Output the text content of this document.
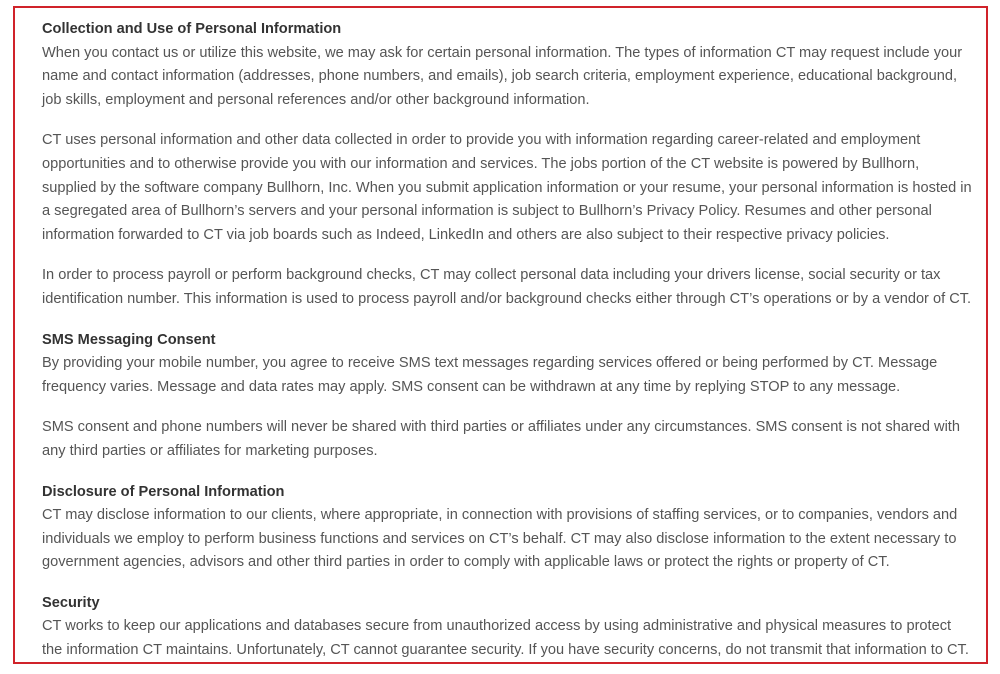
Collection and Use of Personal Information

When you contact us or utilize this website, we may ask for certain personal information. The types of information CT may request include your name and contact information (addresses, phone numbers, and emails), job search criteria, employment experience, educational background, job skills, employment and personal references and/or other background information.

CT uses personal information and other data collected in order to provide you with information regarding career-related and employment opportunities and to otherwise provide you with our information and services. The jobs portion of the CT website is powered by Bullhorn, supplied by the software company Bullhorn, Inc. When you submit application information or your resume, your personal information is hosted in a segregated area of Bullhorn’s servers and your personal information is subject to Bullhorn’s Privacy Policy. Resumes and other personal information forwarded to CT via job boards such as Indeed, LinkedIn and others are also subject to their respective privacy policies.

In order to process payroll or perform background checks, CT may collect personal data including your drivers license, social security or tax identification number. This information is used to process payroll and/or background checks either through CT’s operations or by a vendor of CT.

SMS Messaging Consent

By providing your mobile number, you agree to receive SMS text messages regarding services offered or being performed by CT. Message frequency varies. Message and data rates may apply. SMS consent can be withdrawn at any time by replying STOP to any message.

SMS consent and phone numbers will never be shared with third parties or affiliates under any circumstances. SMS consent is not shared with any third parties or affiliates for marketing purposes.

Disclosure of Personal Information

CT may disclose information to our clients, where appropriate, in connection with provisions of staffing services, or to companies, vendors and individuals we employ to perform business functions and services on CT’s behalf. CT may also disclose information to the extent necessary to government agencies, advisors and other third parties in order to comply with applicable laws or protect the rights or property of CT.

Security

CT works to keep our applications and databases secure from unauthorized access by using administrative and physical measures to protect the information CT maintains. Unfortunately, CT cannot guarantee security. If you have security concerns, do not transmit that information to CT.
